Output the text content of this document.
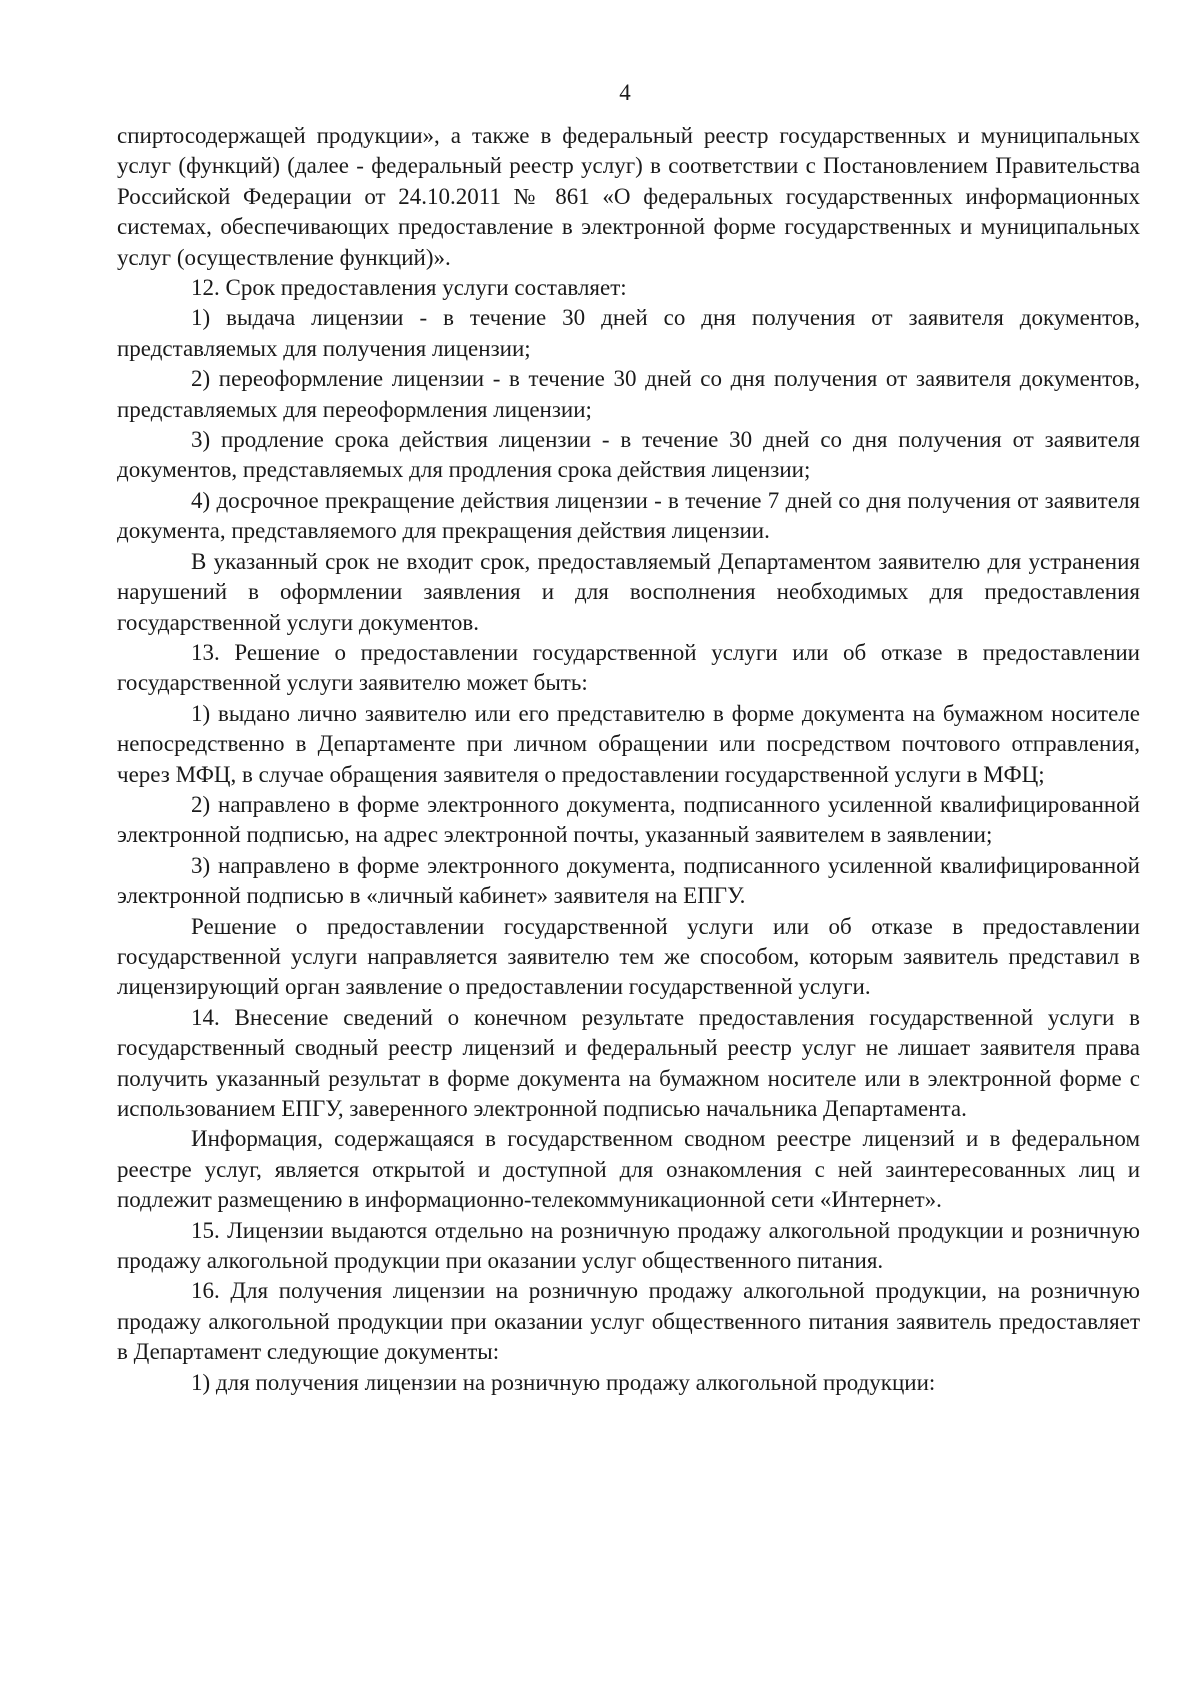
4

спиртосодержащей продукции», а также в федеральный реестр государственных и муниципальных услуг (функций) (далее - федеральный реестр услуг) в соответствии с Постановлением Правительства Российской Федерации от 24.10.2011 № 861 «О федеральных государственных информационных системах, обеспечивающих предоставление в электронной форме государственных и муниципальных услуг (осуществление функций)».

12. Срок предоставления услуги составляет:

1) выдача лицензии - в течение 30 дней со дня получения от заявителя документов, представляемых для получения лицензии;

2) переоформление лицензии - в течение 30 дней со дня получения от заявителя документов, представляемых для переоформления лицензии;

3) продление срока действия лицензии - в течение 30 дней со дня получения от заявителя документов, представляемых для продления срока действия лицензии;

4) досрочное прекращение действия лицензии - в течение 7 дней со дня получения от заявителя документа, представляемого для прекращения действия лицензии.

В указанный срок не входит срок, предоставляемый Департаментом заявителю для устранения нарушений в оформлении заявления и для восполнения необходимых для предоставления государственной услуги документов.

13. Решение о предоставлении государственной услуги или об отказе в предоставлении государственной услуги заявителю может быть:

1) выдано лично заявителю или его представителю в форме документа на бумажном носителе непосредственно в Департаменте при личном обращении или посредством почтового отправления, через МФЦ, в случае обращения заявителя о предоставлении государственной услуги в МФЦ;

2) направлено в форме электронного документа, подписанного усиленной квалифицированной электронной подписью, на адрес электронной почты, указанный заявителем в заявлении;

3) направлено в форме электронного документа, подписанного усиленной квалифицированной электронной подписью в «личный кабинет» заявителя на ЕПГУ.

Решение о предоставлении государственной услуги или об отказе в предоставлении государственной услуги направляется заявителю тем же способом, которым заявитель представил в лицензирующий орган заявление о предоставлении государственной услуги.

14. Внесение сведений о конечном результате предоставления государственной услуги в государственный сводный реестр лицензий и федеральный реестр услуг не лишает заявителя права получить указанный результат в форме документа на бумажном носителе или в электронной форме с использованием ЕПГУ, заверенного электронной подписью начальника Департамента.

Информация, содержащаяся в государственном сводном реестре лицензий и в федеральном реестре услуг, является открытой и доступной для ознакомления с ней заинтересованных лиц и подлежит размещению в информационно-телекоммуникационной сети «Интернет».

15. Лицензии выдаются отдельно на розничную продажу алкогольной продукции и розничную продажу алкогольной продукции при оказании услуг общественного питания.

16. Для получения лицензии на розничную продажу алкогольной продукции, на розничную продажу алкогольной продукции при оказании услуг общественного питания заявитель предоставляет в Департамент следующие документы:

1) для получения лицензии на розничную продажу алкогольной продукции:
